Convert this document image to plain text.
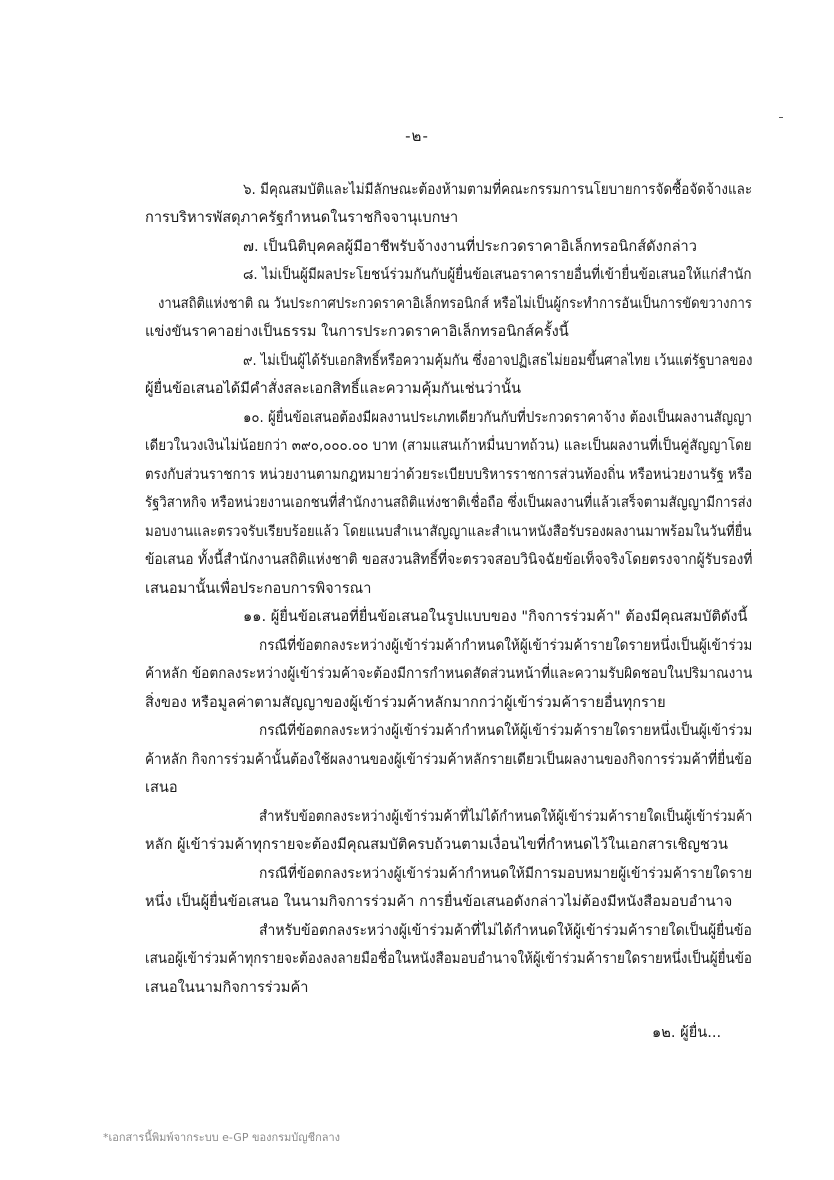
-๒-
๖. มีคุณสมบัติและไม่มีลักษณะต้องห้ามตามที่คณะกรรมการนโยบายการจัดซื้อจัดจ้างและ
การบริหารพัสดุภาครัฐกำหนดในราชกิจจานุเบกษา
๗. เป็นนิติบุคคลผู้มีอาชีพรับจ้างงานที่ประกวดราคาอิเล็กทรอนิกส์ดังกล่าว
๘. ไม่เป็นผู้มีผลประโยชน์ร่วมกันกับผู้ยื่นข้อเสนอราคารายอื่นที่เข้ายื่นข้อเสนอให้แก่สำนัก
งานสถิติแห่งชาติ ณ วันประกาศประกวดราคาอิเล็กทรอนิกส์ หรือไม่เป็นผู้กระทำการอันเป็นการขัดขวางการ
แข่งขันราคาอย่างเป็นธรรม ในการประกวดราคาอิเล็กทรอนิกส์ครั้งนี้
๙. ไม่เป็นผู้ได้รับเอกสิทธิ์หรือความคุ้มกัน ซึ่งอาจปฏิเสธไม่ยอมขึ้นศาลไทย เว้นแต่รัฐบาลของ
ผู้ยื่นข้อเสนอได้มีคำสั่งสละเอกสิทธิ์และความคุ้มกันเช่นว่านั้น
๑๐. ผู้ยื่นข้อเสนอต้องมีผลงานประเภทเดียวกันกับที่ประกวดราคาจ้าง ต้องเป็นผลงานสัญญา
เดียวในวงเงินไม่น้อยกว่า ๓๙๐,๐๐๐.๐๐ บาท (สามแสนเก้าหมื่นบาทถ้วน) และเป็นผลงานที่เป็นคู่สัญญาโดย
ตรงกับส่วนราชการ หน่วยงานตามกฎหมายว่าด้วยระเบียบบริหารราชการส่วนท้องถิ่น หรือหน่วยงานรัฐ หรือ
รัฐวิสาหกิจ หรือหน่วยงานเอกชนที่สำนักงานสถิติแห่งชาติเชื่อถือ ซึ่งเป็นผลงานที่แล้วเสร็จตามสัญญามีการส่ง
มอบงานและตรวจรับเรียบร้อยแล้ว โดยแนบสำเนาสัญญาและสำเนาหนังสือรับรองผลงานมาพร้อมในวันที่ยื่น
ข้อเสนอ ทั้งนี้สำนักงานสถิติแห่งชาติ ขอสงวนสิทธิ์ที่จะตรวจสอบวินิจฉัยข้อเท็จจริงโดยตรงจากผู้รับรองที่
เสนอมานั้นเพื่อประกอบการพิจารณา
๑๑. ผู้ยื่นข้อเสนอที่ยื่นข้อเสนอในรูปแบบของ "กิจการร่วมค้า" ต้องมีคุณสมบัติดังนี้
กรณีที่ข้อตกลงระหว่างผู้เข้าร่วมค้ากำหนดให้ผู้เข้าร่วมค้ารายใดรายหนึ่งเป็นผู้เข้าร่วม
ค้าหลัก ข้อตกลงระหว่างผู้เข้าร่วมค้าจะต้องมีการกำหนดสัดส่วนหน้าที่และความรับผิดชอบในปริมาณงาน
สิ่งของ หรือมูลค่าตามสัญญาของผู้เข้าร่วมค้าหลักมากกว่าผู้เข้าร่วมค้ารายอื่นทุกราย
กรณีที่ข้อตกลงระหว่างผู้เข้าร่วมค้ากำหนดให้ผู้เข้าร่วมค้ารายใดรายหนึ่งเป็นผู้เข้าร่วม
ค้าหลัก กิจการร่วมค้านั้นต้องใช้ผลงานของผู้เข้าร่วมค้าหลักรายเดียวเป็นผลงานของกิจการร่วมค้าที่ยื่นข้อ
เสนอ
สำหรับข้อตกลงระหว่างผู้เข้าร่วมค้าที่ไม่ได้กำหนดให้ผู้เข้าร่วมค้ารายใดเป็นผู้เข้าร่วมค้า
หลัก ผู้เข้าร่วมค้าทุกรายจะต้องมีคุณสมบัติครบถ้วนตามเงื่อนไขที่กำหนดไว้ในเอกสารเชิญชวน
กรณีที่ข้อตกลงระหว่างผู้เข้าร่วมค้ากำหนดให้มีการมอบหมายผู้เข้าร่วมค้ารายใดราย
หนึ่ง เป็นผู้ยื่นข้อเสนอ ในนามกิจการร่วมค้า การยื่นข้อเสนอดังกล่าวไม่ต้องมีหนังสือมอบอำนาจ
สำหรับข้อตกลงระหว่างผู้เข้าร่วมค้าที่ไม่ได้กำหนดให้ผู้เข้าร่วมค้ารายใดเป็นผู้ยื่นข้อ
เสนอผู้เข้าร่วมค้าทุกรายจะต้องลงลายมือชื่อในหนังสือมอบอำนาจให้ผู้เข้าร่วมค้ารายใดรายหนึ่งเป็นผู้ยื่นข้อ
เสนอในนามกิจการร่วมค้า
๑๒. ผู้ยื่น...
*เอกสารนี้พิมพ์จากระบบ e-GP ของกรมบัญชีกลาง
